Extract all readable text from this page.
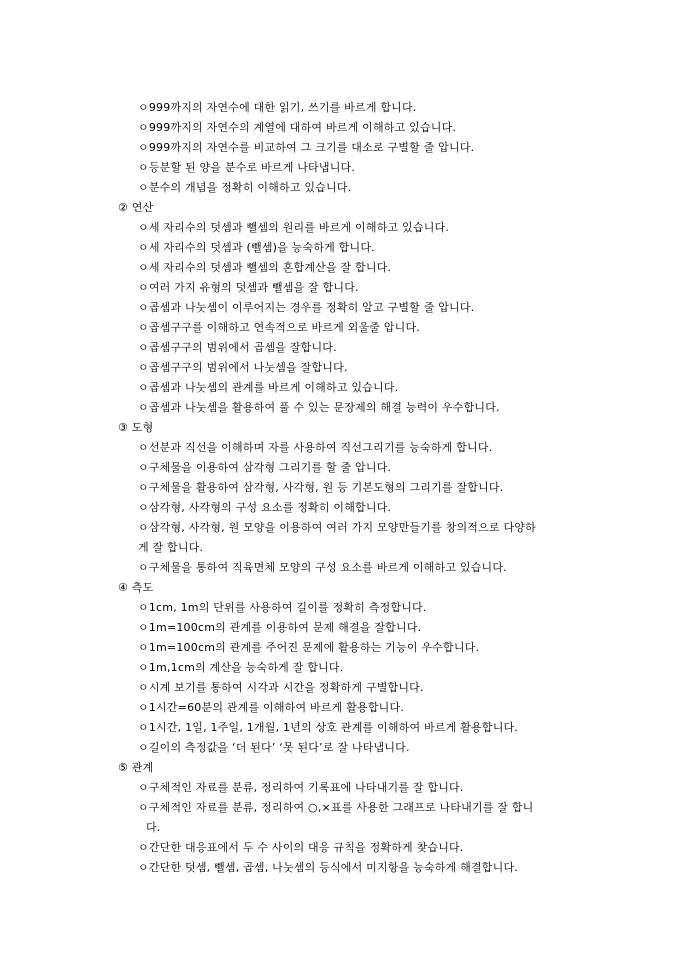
ㅇ999까지의 자연수에 대한 읽기, 쓰기를 바르게 합니다.
ㅇ999까지의 자연수의 계열에 대하여 바르게 이해하고 있습니다.
ㅇ999까지의 자연수를 비교하여 그 크기를 대소로 구별할 줄 압니다.
ㅇ등분할 된 양을 분수로 바르게 나타냅니다.
ㅇ분수의 개념을 정확히 이해하고 있습니다.
② 연산
ㅇ세 자리수의 덧셈과 뺄셈의 원리를 바르게 이해하고 있습니다.
ㅇ세 자리수의 덧셈과 (뺄셈)을 능숙하게 합니다.
ㅇ세 자리수의 덧셈과 뺄셈의 혼합계산을 잘 합니다.
ㅇ여러 가지 유형의 덧셈과 뺄셈을 잘 합니다.
ㅇ곱셈과 나눗셈이 이루어지는 경우를 정확히 알고 구별할 줄 압니다.
ㅇ곱셈구구를 이해하고 연속적으로 바르게 외울줄 압니다.
ㅇ곱셈구구의 범위에서 곱셈을 잘합니다.
ㅇ곱셈구구의 범위에서 나눗셈을 잘합니다.
ㅇ곱셈과 나눗셈의 관계를 바르게 이해하고 있습니다.
ㅇ곱셈과 나눗셈을 활용하여 풀 수 있는 문장제의 해결 능력이 우수합니다.
③ 도형
ㅇ선분과 직선을 이해하며 자를 사용하여 직선그리기를 능숙하게 합니다.
ㅇ구체물을 이용하여 삼각형 그리기를 할 줄 압니다.
ㅇ구체물을 활용하여 삼각형, 사각형, 원 등 기본도형의 그리기를 잘합니다.
ㅇ삼각형, 사각형의 구성 요소를 정확히 이해합니다.
ㅇ삼각형, 사각형, 원 모양을 이용하여 여러 가지 모양만들기를 창의적으로 다양하
게 잘 합니다.
ㅇ구체물을 통하여 직육면체 모양의 구성 요소를 바르게 이해하고 있습니다.
④ 측도
ㅇ1cm, 1m의 단위를 사용하여 길이를 정확히 측정합니다.
ㅇ1m=100cm의 관계를 이용하여 문제 해결을 잘합니다.
ㅇ1m=100cm의 관계를 주어진 문제에 활용하는 기능이 우수합니다.
ㅇ1m,1cm의 계산을 능숙하게 잘 합니다.
ㅇ시계 보기를 통하여 시각과 시간을 정확하게 구별합니다.
ㅇ1시간=60분의 관계를 이해하여 바르게 활용합니다.
ㅇ1시간, 1일, 1주일, 1개월, 1년의 상호 관계를 이해하여 바르게 활용합니다.
ㅇ길이의 측정값을 ‘더 된다’ ‘못 된다’로 잘 나타냅니다.
⑤ 관계
ㅇ구체적인 자료를 분류, 정리하여 기록표에 나타내기를 잘 합니다.
ㅇ구체적인 자료를 분류, 정리하여 ○,×표를 사용한 그래프로 나타내기를 잘 합니
다.
ㅇ간단한 대응표에서 두 수 사이의 대응 규칙을 정확하게 찾습니다.
ㅇ간단한 덧셈, 뺄셈, 곱셈, 나눗셈의 등식에서 미지항을 능숙하게 해결합니다.
